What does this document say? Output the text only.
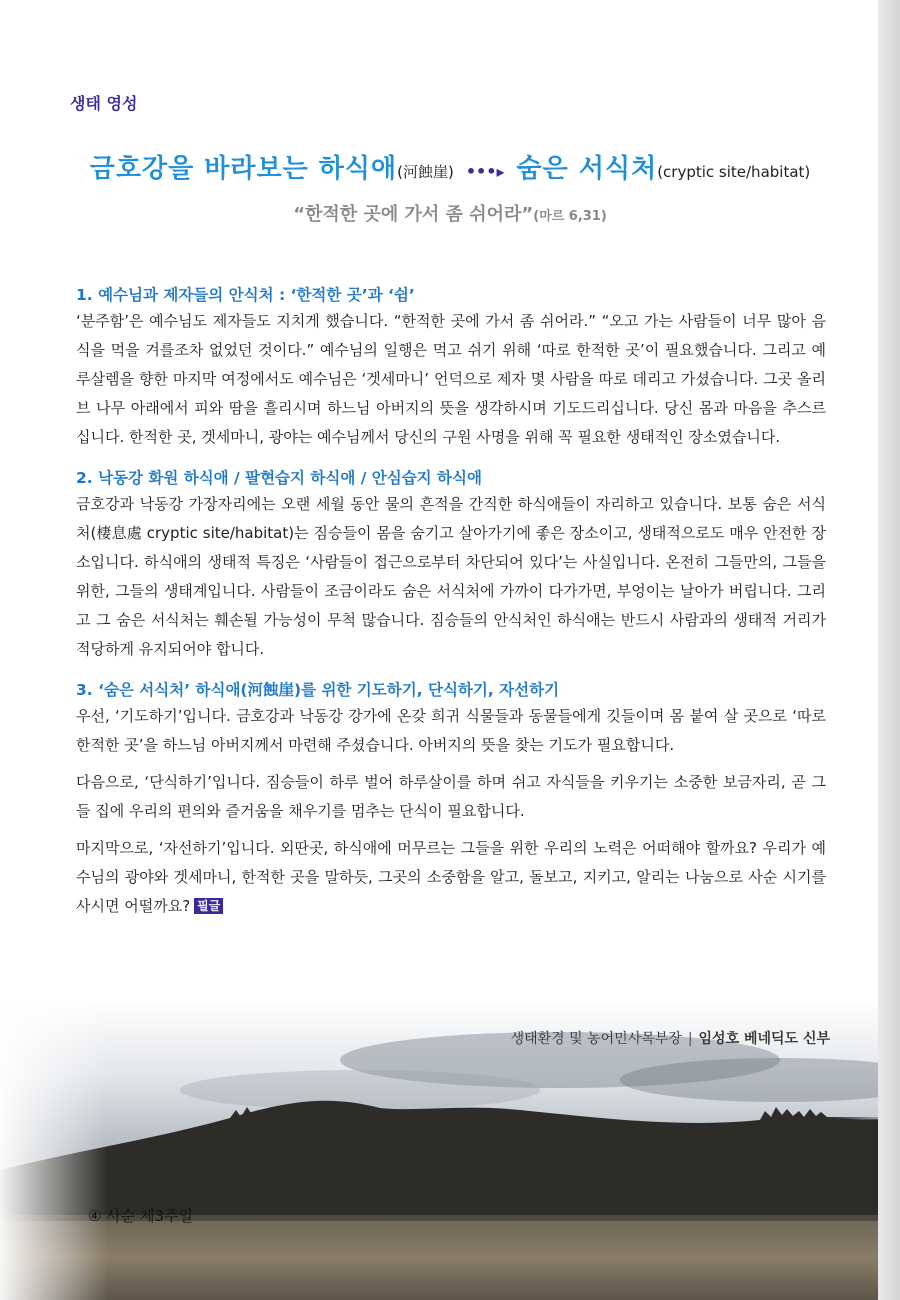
생태 영성
금호강을 바라보는 하식애(河蝕崖) •••▸ 숨은 서식처(cryptic site/habitat)
“한적한 곳에 가서 좀 쉬어라”(마르 6,31)
1. 예수님과 제자들의 안식처 : ‘한적한 곳’과 ‘쉼’
‘분주함’은 예수님도 제자들도 지치게 했습니다. “한적한 곳에 가서 좀 쉬어라.” “오고 가는 사람들이 너무 많아 음식을 먹을 겨를조차 없었던 것이다.” 예수님의 일행은 먹고 쉬기 위해 ‘따로 한적한 곳’이 필요했습니다. 그리고 예루살렘을 향한 마지막 여정에서도 예수님은 ‘겟세마니’ 언덕으로 제자 몇 사람을 따로 데리고 가셨습니다. 그곳 올리브 나무 아래에서 피와 땀을 흘리시며 하느님 아버지의 뜻을 생각하시며 기도드리십니다. 당신 몸과 마음을 추스르십니다. 한적한 곳, 겟세마니, 광야는 예수님께서 당신의 구원 사명을 위해 꼭 필요한 생태적인 장소였습니다.
2. 낙동강 화원 하식애 / 팔현습지 하식애 / 안심습지 하식애
금호강과 낙동강 가장자리에는 오랜 세월 동안 물의 흔적을 간직한 하식애들이 자리하고 있습니다. 보통 숨은 서식처(棲息處 cryptic site/habitat)는 짐승들이 몸을 숨기고 살아가기에 좋은 장소이고, 생태적으로도 매우 안전한 장소입니다. 하식애의 생태적 특징은 ‘사람들이 접근으로부터 차단되어 있다’는 사실입니다. 온전히 그들만의, 그들을 위한, 그들의 생태계입니다. 사람들이 조금이라도 숨은 서식처에 가까이 다가가면, 부엉이는 날아가 버립니다. 그리고 그 숨은 서식처는 훼손될 가능성이 무척 많습니다. 짐승들의 안식처인 하식애는 반드시 사람과의 생태적 거리가 적당하게 유지되어야 합니다.
3. ‘숨은 서식처’ 하식애(河蝕崖)를 위한 기도하기, 단식하기, 자선하기
우선, ‘기도하기’입니다. 금호강과 낙동강 강가에 온갖 희귀 식물들과 동물들에게 깃들이며 몸 붙여 살 곳으로 ‘따로 한적한 곳’을 하느님 아버지께서 마련해 주셨습니다. 아버지의 뜻을 찾는 기도가 필요합니다.
다음으로, ‘단식하기’입니다. 짐승들이 하루 벌어 하루살이를 하며 쉬고 자식들을 키우기는 소중한 보금자리, 곧 그들 집에 우리의 편의와 즐거움을 채우기를 멈추는 단식이 필요합니다.
마지막으로, ‘자선하기’입니다. 외딴곳, 하식애에 머무르는 그들을 위한 우리의 노력은 어떠해야 할까요? 우리가 예수님의 광야와 겟세마니, 한적한 곳을 말하듯, 그곳의 소중함을 알고, 돌보고, 지키고, 알리는 나눔으로 사순 시기를 사시면 어떨까요? 필글
생태환경 및 농어민사목부장 | 임성호 베네딕도 신부
④ 사순 제3주일
